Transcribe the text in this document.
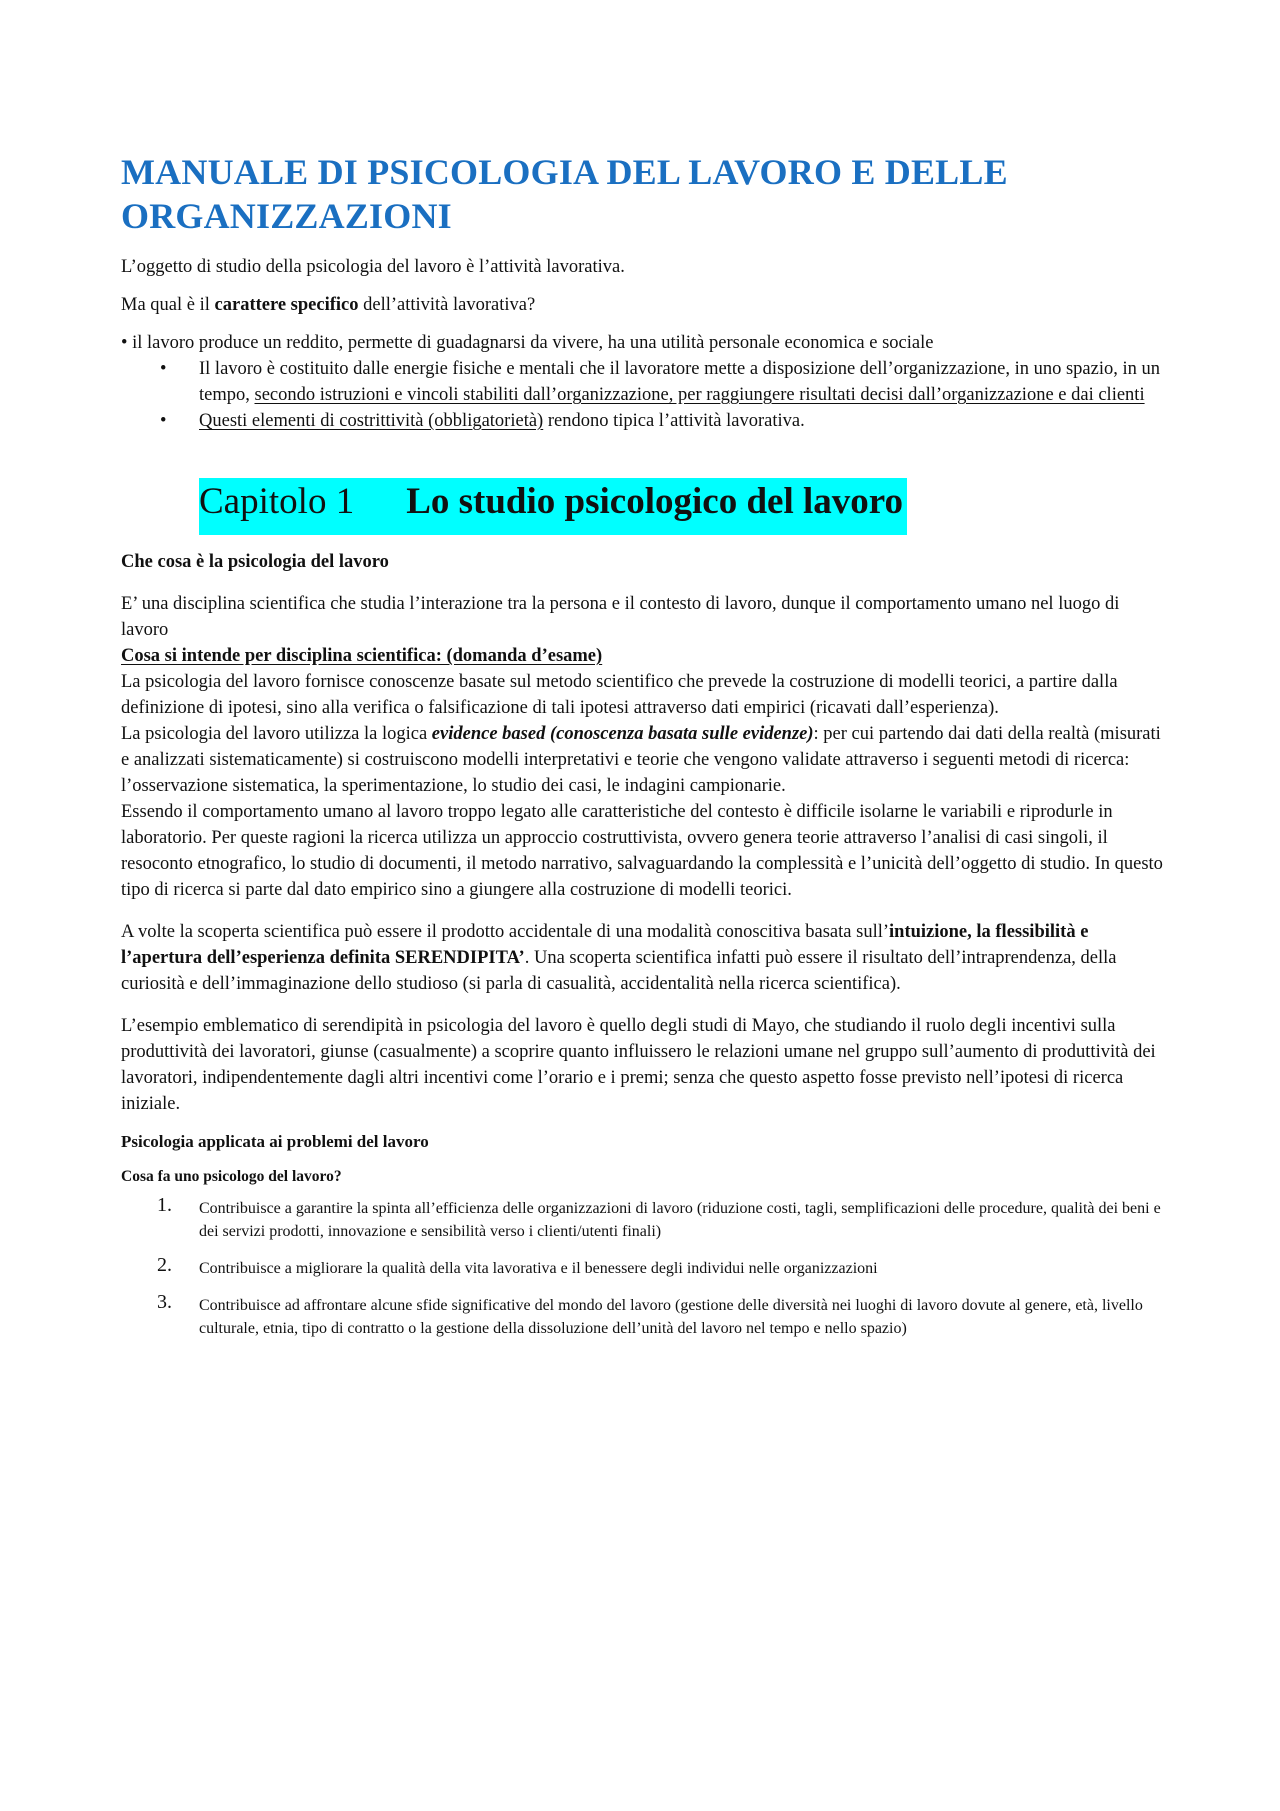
MANUALE DI PSICOLOGIA DEL LAVORO E DELLE ORGANIZZAZIONI

L’oggetto di studio della psicologia del lavoro è l’attività lavorativa.

Ma qual è il carattere specifico dell’attività lavorativa?

• il lavoro produce un reddito, permette di guadagnarsi da vivere, ha una utilità personale economica e sociale

• Il lavoro è costituito dalle energie fisiche e mentali che il lavoratore mette a disposizione dell’organizzazione, in uno spazio, in un tempo, secondo istruzioni e vincoli stabiliti dall’organizzazione, per raggiungere risultati decisi dall’organizzazione e dai clienti
• Questi elementi di costrittività (obbligatorietà) rendono tipica l’attività lavorativa.
Capitolo 1 Lo studio psicologico del lavoro
Che cosa è la psicologia del lavoro

E’ una disciplina scientifica che studia l’interazione tra la persona e il contesto di lavoro, dunque il comportamento umano nel luogo di lavoro

Cosa si intende per disciplina scientifica: (domanda d’esame)

La psicologia del lavoro fornisce conoscenze basate sul metodo scientifico che prevede la costruzione di modelli teorici, a partire dalla definizione di ipotesi, sino alla verifica o falsificazione di tali ipotesi attraverso dati empirici (ricavati dall’esperienza).

La psicologia del lavoro utilizza la logica evidence based (conoscenza basata sulle evidenze): per cui partendo dai dati della realtà (misurati e analizzati sistematicamente) si costruiscono modelli interpretativi e teorie che vengono validate attraverso i seguenti metodi di ricerca: l’osservazione sistematica, la sperimentazione, lo studio dei casi, le indagini campionarie.

Essendo il comportamento umano al lavoro troppo legato alle caratteristiche del contesto è difficile isolarne le variabili e riprodurle in laboratorio. Per queste ragioni la ricerca utilizza un approccio costruttivista, ovvero genera teorie attraverso l’analisi di casi singoli, il resoconto etnografico, lo studio di documenti, il metodo narrativo, salvaguardando la complessità e l’unicità dell’oggetto di studio. In questo tipo di ricerca si parte dal dato empirico sino a giungere alla costruzione di modelli teorici.

A volte la scoperta scientifica può essere il prodotto accidentale di una modalità conoscitiva basata sull’intuizione, la flessibilità e l’apertura dell’esperienza definita SERENDIPITA’. Una scoperta scientifica infatti può essere il risultato dell’intraprendenza, della curiosità e dell’immaginazione dello studioso (si parla di casualità, accidentalità nella ricerca scientifica).

L’esempio emblematico di serendipità in psicologia del lavoro è quello degli studi di Mayo, che studiando il ruolo degli incentivi sulla produttività dei lavoratori, giunse (casualmente) a scoprire quanto influissero le relazioni umane nel gruppo sull’aumento di produttività dei lavoratori, indipendentemente dagli altri incentivi come l’orario e i premi; senza che questo aspetto fosse previsto nell’ipotesi di ricerca iniziale.

Psicologia applicata ai problemi del lavoro
Cosa fa uno psicologo del lavoro?
1. Contribuisce a garantire la spinta all’efficienza delle organizzazioni di lavoro (riduzione costi, tagli, semplificazioni delle procedure, qualità dei beni e dei servizi prodotti, innovazione e sensibilità verso i clienti/utenti finali)
2. Contribuisce a migliorare la qualità della vita lavorativa e il benessere degli individui nelle organizzazioni
3. Contribuisce ad affrontare alcune sfide significative del mondo del lavoro (gestione delle diversità nei luoghi di lavoro dovute al genere, età, livello culturale, etnia, tipo di contratto o la gestione della dissoluzione dell’unità del lavoro nel tempo e nello spazio)
